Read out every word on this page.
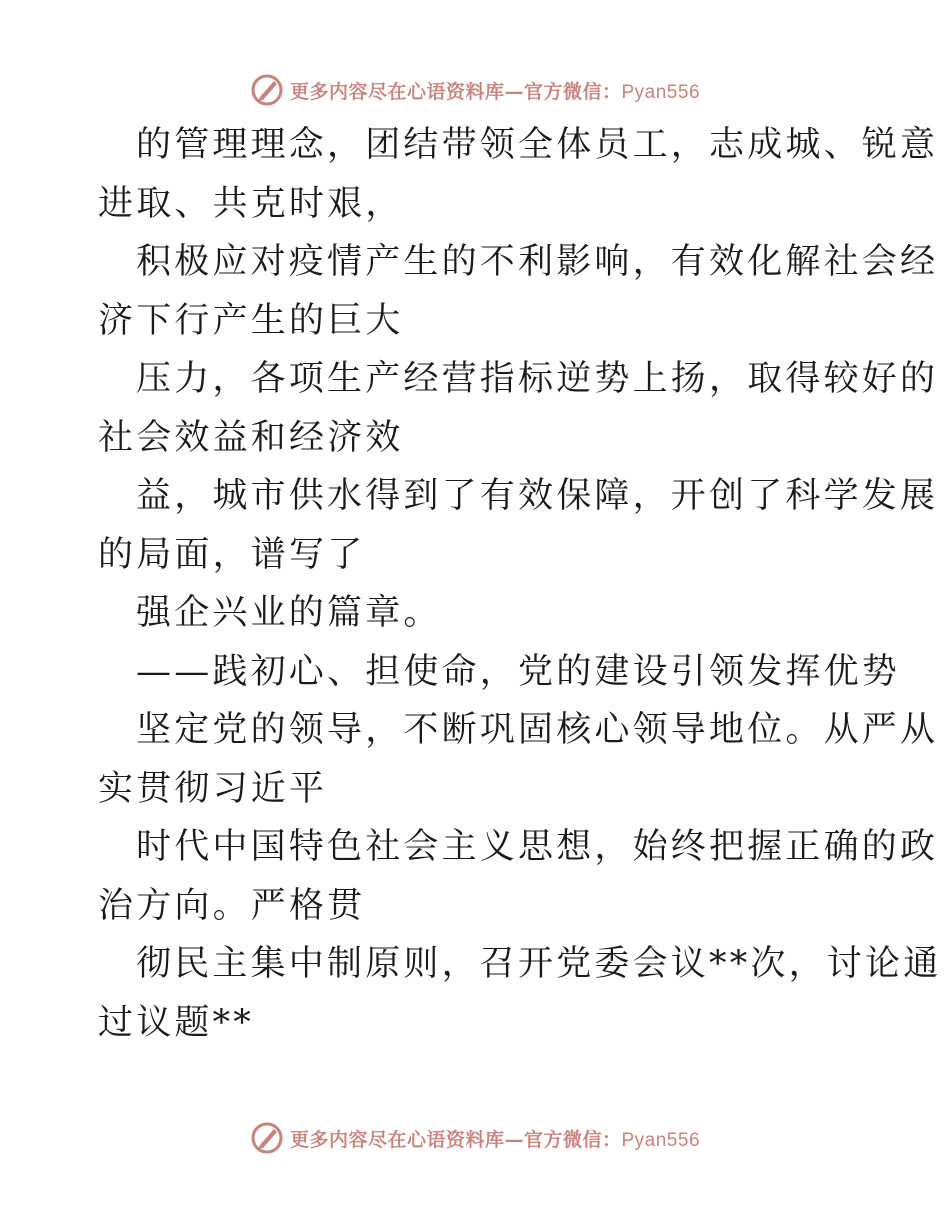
更多内容尽在心语资料库—官方微信：Pyan556
的管理理念，团结带领全体员工，志成城、锐意
进取、共克时艰，
积极应对疫情产生的不利影响，有效化解社会经
济下行产生的巨大
压力，各项生产经营指标逆势上扬，取得较好的
社会效益和经济效
益，城市供水得到了有效保障，开创了科学发展
的局面，谱写了
强企兴业的篇章。
——践初心、担使命，党的建设引领发挥优势
坚定党的领导，不断巩固核心领导地位。从严从
实贯彻习近平
时代中国特色社会主义思想，始终把握正确的政
治方向。严格贯
彻民主集中制原则，召开党委会议**次，讨论通
过议题**
更多内容尽在心语资料库—官方微信：Pyan556
